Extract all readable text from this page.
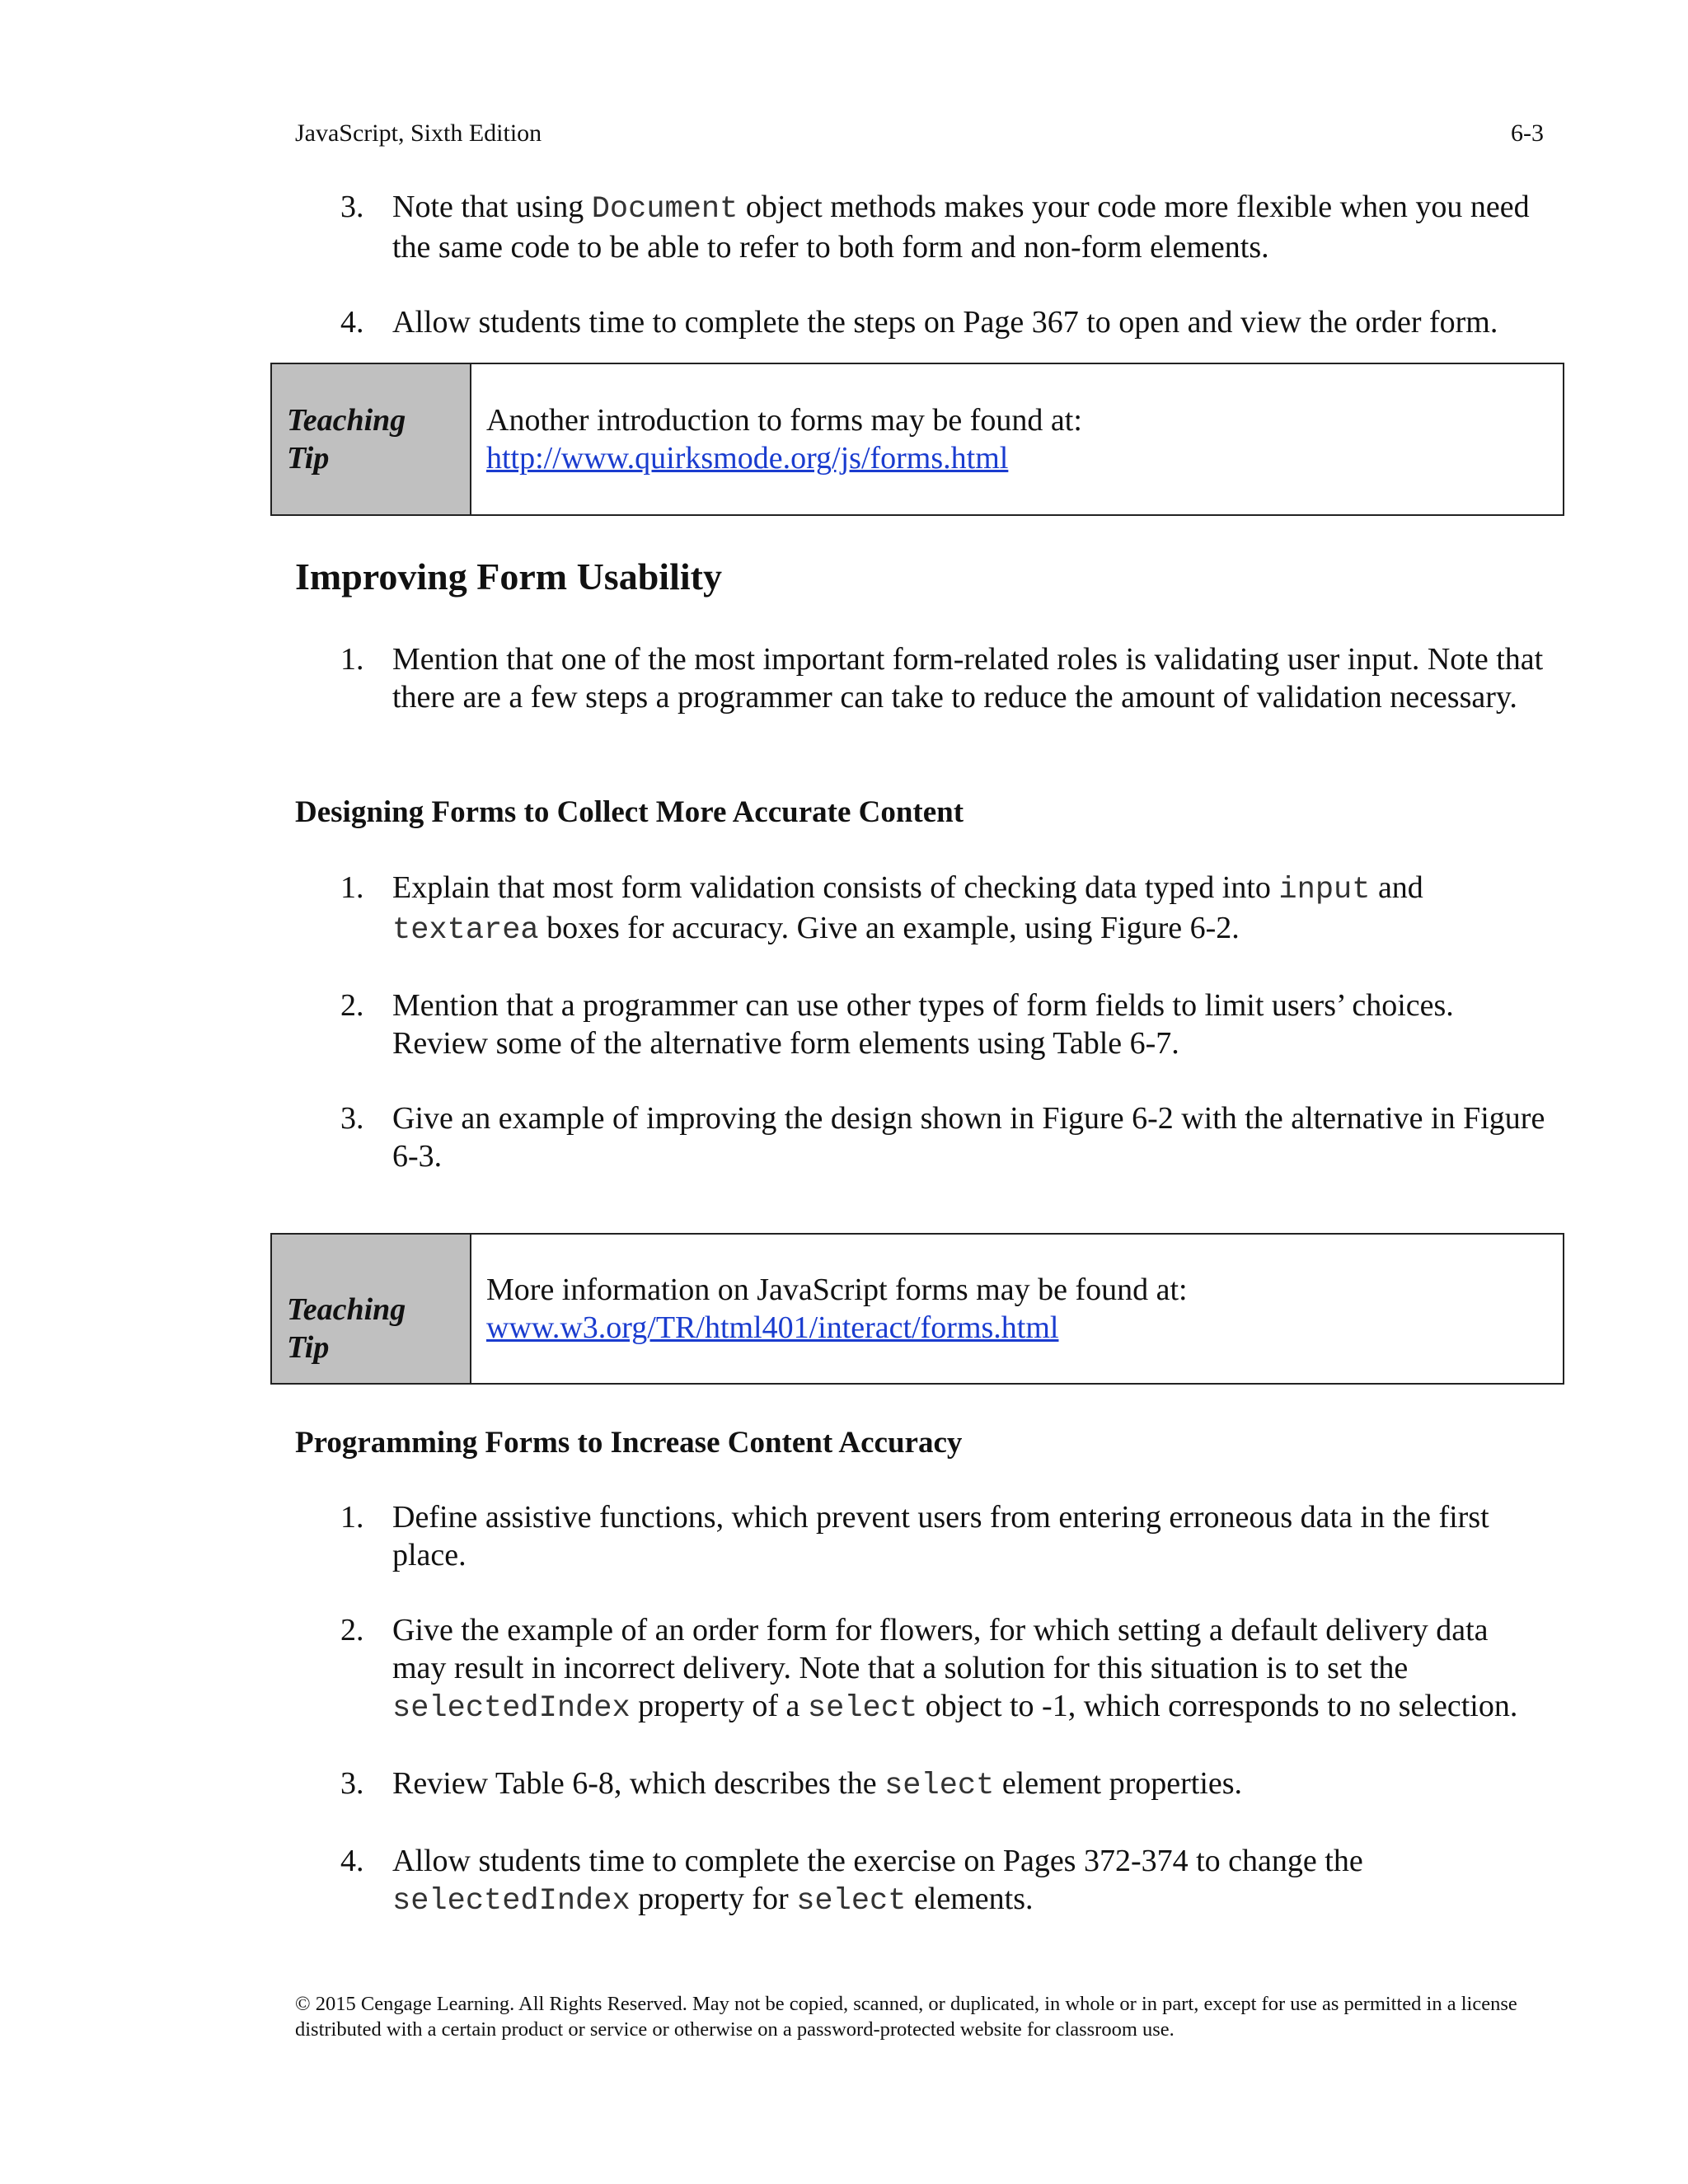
JavaScript, Sixth Edition	6-3

3. Note that using Document object methods makes your code more flexible when you need the same code to be able to refer to both form and non-form elements.

4. Allow students time to complete the steps on Page 367 to open and view the order form.

Teaching
Tip
Another introduction to forms may be found at:
http://www.quirksmode.org/js/forms.html
Improving Form Usability

1. Mention that one of the most important form-related roles is validating user input. Note that there are a few steps a programmer can take to reduce the amount of validation necessary.

Designing Forms to Collect More Accurate Content

1. Explain that most form validation consists of checking data typed into input and textarea boxes for accuracy. Give an example, using Figure 6-2.

2. Mention that a programmer can use other types of form fields to limit users’ choices. Review some of the alternative form elements using Table 6-7.

3. Give an example of improving the design shown in Figure 6-2 with the alternative in Figure 6-3.

Teaching
Tip
More information on JavaScript forms may be found at:
www.w3.org/TR/html401/interact/forms.html
Programming Forms to Increase Content Accuracy

1. Define assistive functions, which prevent users from entering erroneous data in the first place.

2. Give the example of an order form for flowers, for which setting a default delivery data may result in incorrect delivery. Note that a solution for this situation is to set the selectedIndex property of a select object to -1, which corresponds to no selection.

3. Review Table 6-8, which describes the select element properties.

4. Allow students time to complete the exercise on Pages 372-374 to change the selectedIndex property for select elements.

© 2015 Cengage Learning. All Rights Reserved. May not be copied, scanned, or duplicated, in whole or in part, except for use as permitted in a license distributed with a certain product or service or otherwise on a password-protected website for classroom use.
